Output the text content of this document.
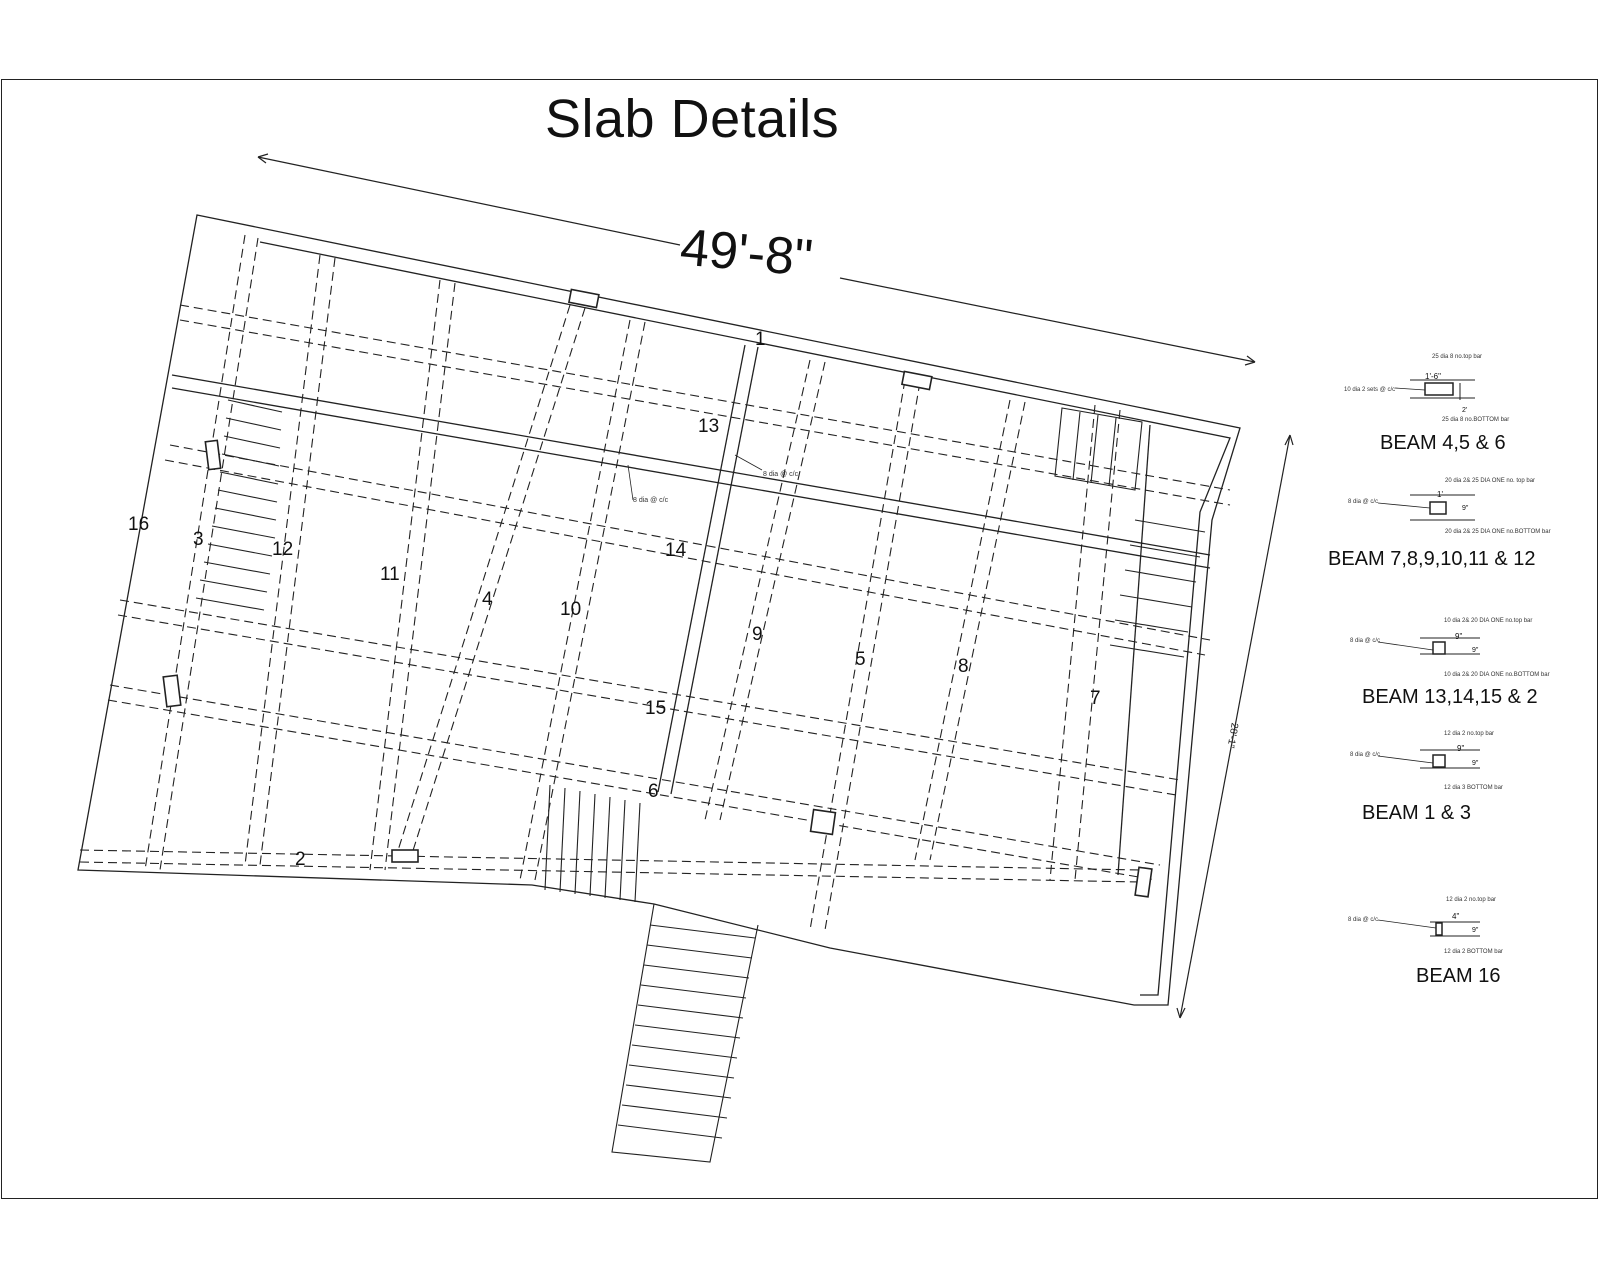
Slab Details
1
2
3
4
5
6
7
8
9
10
11
12
13
14
15
16
8 dia @ c/c
8 dia @ c/c
49'-8"
28'-1"
1'-6"
2'
25 dia 8 no.top bar
10 dia 2 sets @ c/c
25 dia 8 no.BOTTOM bar
1'
9"
20 dia 2& 25 DIA ONE no. top bar
8 dia @ c/c
20 dia 2& 25 DIA ONE no.BOTTOM bar
9"
9"
10 dia 2& 20 DIA ONE no.top bar
8 dia @ c/c
10 dia 2& 20 DIA ONE no.BOTTOM bar
9"
9"
12 dia 2 no.top bar
8 dia @ c/c
12 dia 3 BOTTOM bar
4"
9"
12 dia 2 no.top bar
8 dia @ c/c
12 dia 2 BOTTOM bar
BEAM 4,5 & 6
BEAM 7,8,9,10,11 & 12
BEAM 13,14,15 & 2
BEAM 1 & 3
BEAM 16
